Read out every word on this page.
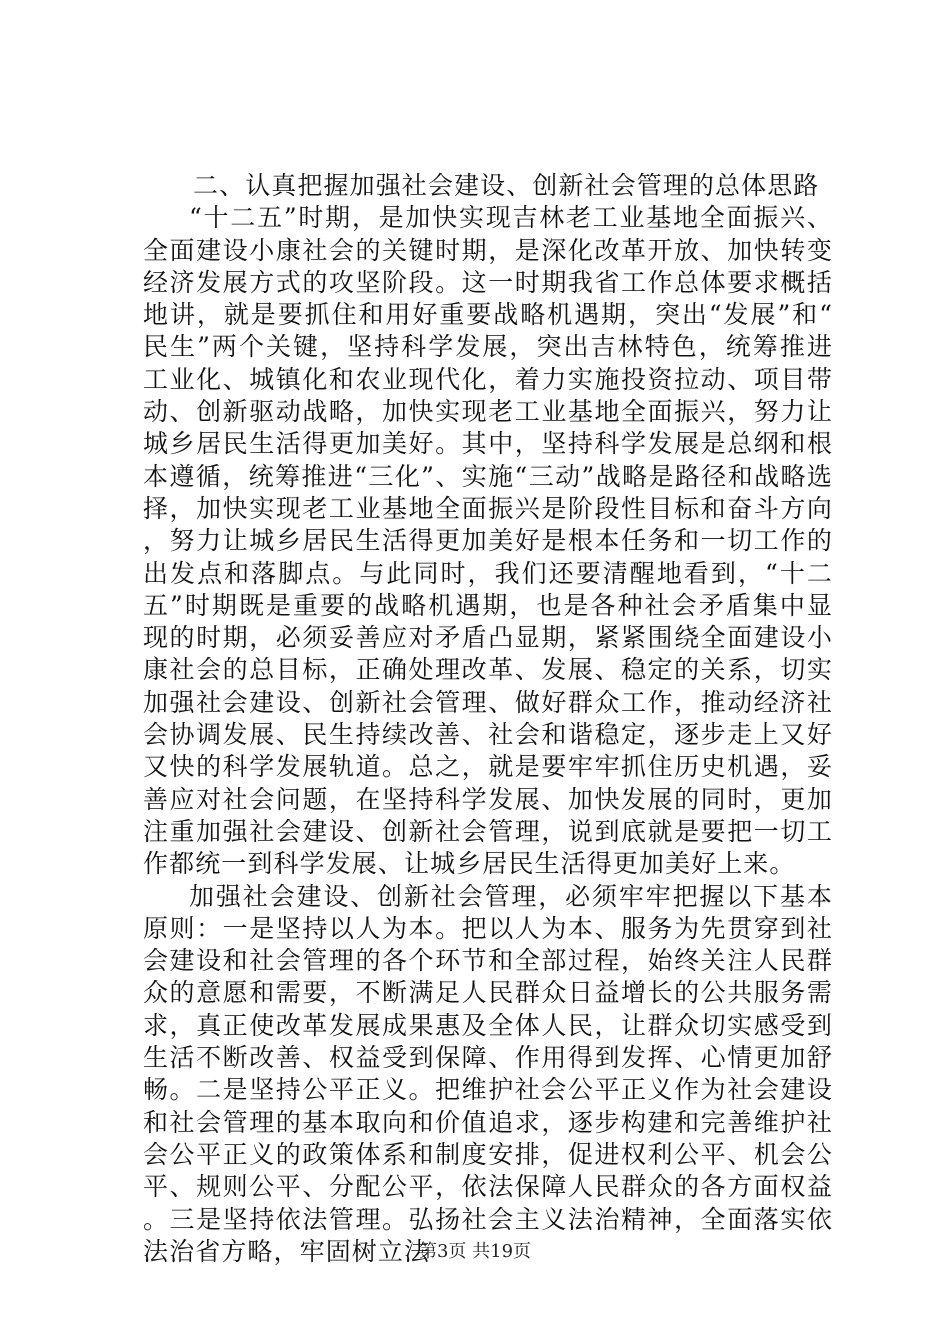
二、认真把握加强社会建设、创新社会管理的总体思路

“十二五”时期，是加快实现吉林老工业基地全面振兴、全面建设小康社会的关键时期，是深化改革开放、加快转变经济发展方式的攻坚阶段。这一时期我省工作总体要求概括地讲，就是要抓住和用好重要战略机遇期，突出“发展”和“民生”两个关键，坚持科学发展，突出吉林特色，统筹推进工业化、城镇化和农业现代化，着力实施投资拉动、项目带动、创新驱动战略，加快实现老工业基地全面振兴，努力让城乡居民生活得更加美好。其中，坚持科学发展是总纲和根本遵循，统筹推进“三化”、实施“三动”战略是路径和战略选择，加快实现老工业基地全面振兴是阶段性目标和奋斗方向，努力让城乡居民生活得更加美好是根本任务和一切工作的出发点和落脚点。与此同时，我们还要清醒地看到，“十二五”时期既是重要的战略机遇期，也是各种社会矛盾集中显现的时期，必须妥善应对矛盾凸显期，紧紧围绕全面建设小康社会的总目标，正确处理改革、发展、稳定的关系，切实加强社会建设、创新社会管理、做好群众工作，推动经济社会协调发展、民生持续改善、社会和谐稳定，逐步走上又好又快的科学发展轨道。总之，就是要牢牢抓住历史机遇，妥善应对社会问题，在坚持科学发展、加快发展的同时，更加注重加强社会建设、创新社会管理，说到底就是要把一切工作都统一到科学发展、让城乡居民生活得更加美好上来。

加强社会建设、创新社会管理，必须牢牢把握以下基本原则：一是坚持以人为本。把以人为本、服务为先贯穿到社会建设和社会管理的各个环节和全部过程，始终关注人民群众的意愿和需要，不断满足人民群众日益增长的公共服务需求，真正使改革发展成果惠及全体人民，让群众切实感受到生活不断改善、权益受到保障、作用得到发挥、心情更加舒畅。二是坚持公平正义。把维护社会公平正义作为社会建设和社会管理的基本取向和价值追求，逐步构建和完善维护社会公平正义的政策体系和制度安排，促进权利公平、机会公平、规则公平、分配公平，依法保障人民群众的各方面权益。三是坚持依法管理。弘扬社会主义法治精神，全面落实依法治省方略，牢固树立法

第3页 共19页
